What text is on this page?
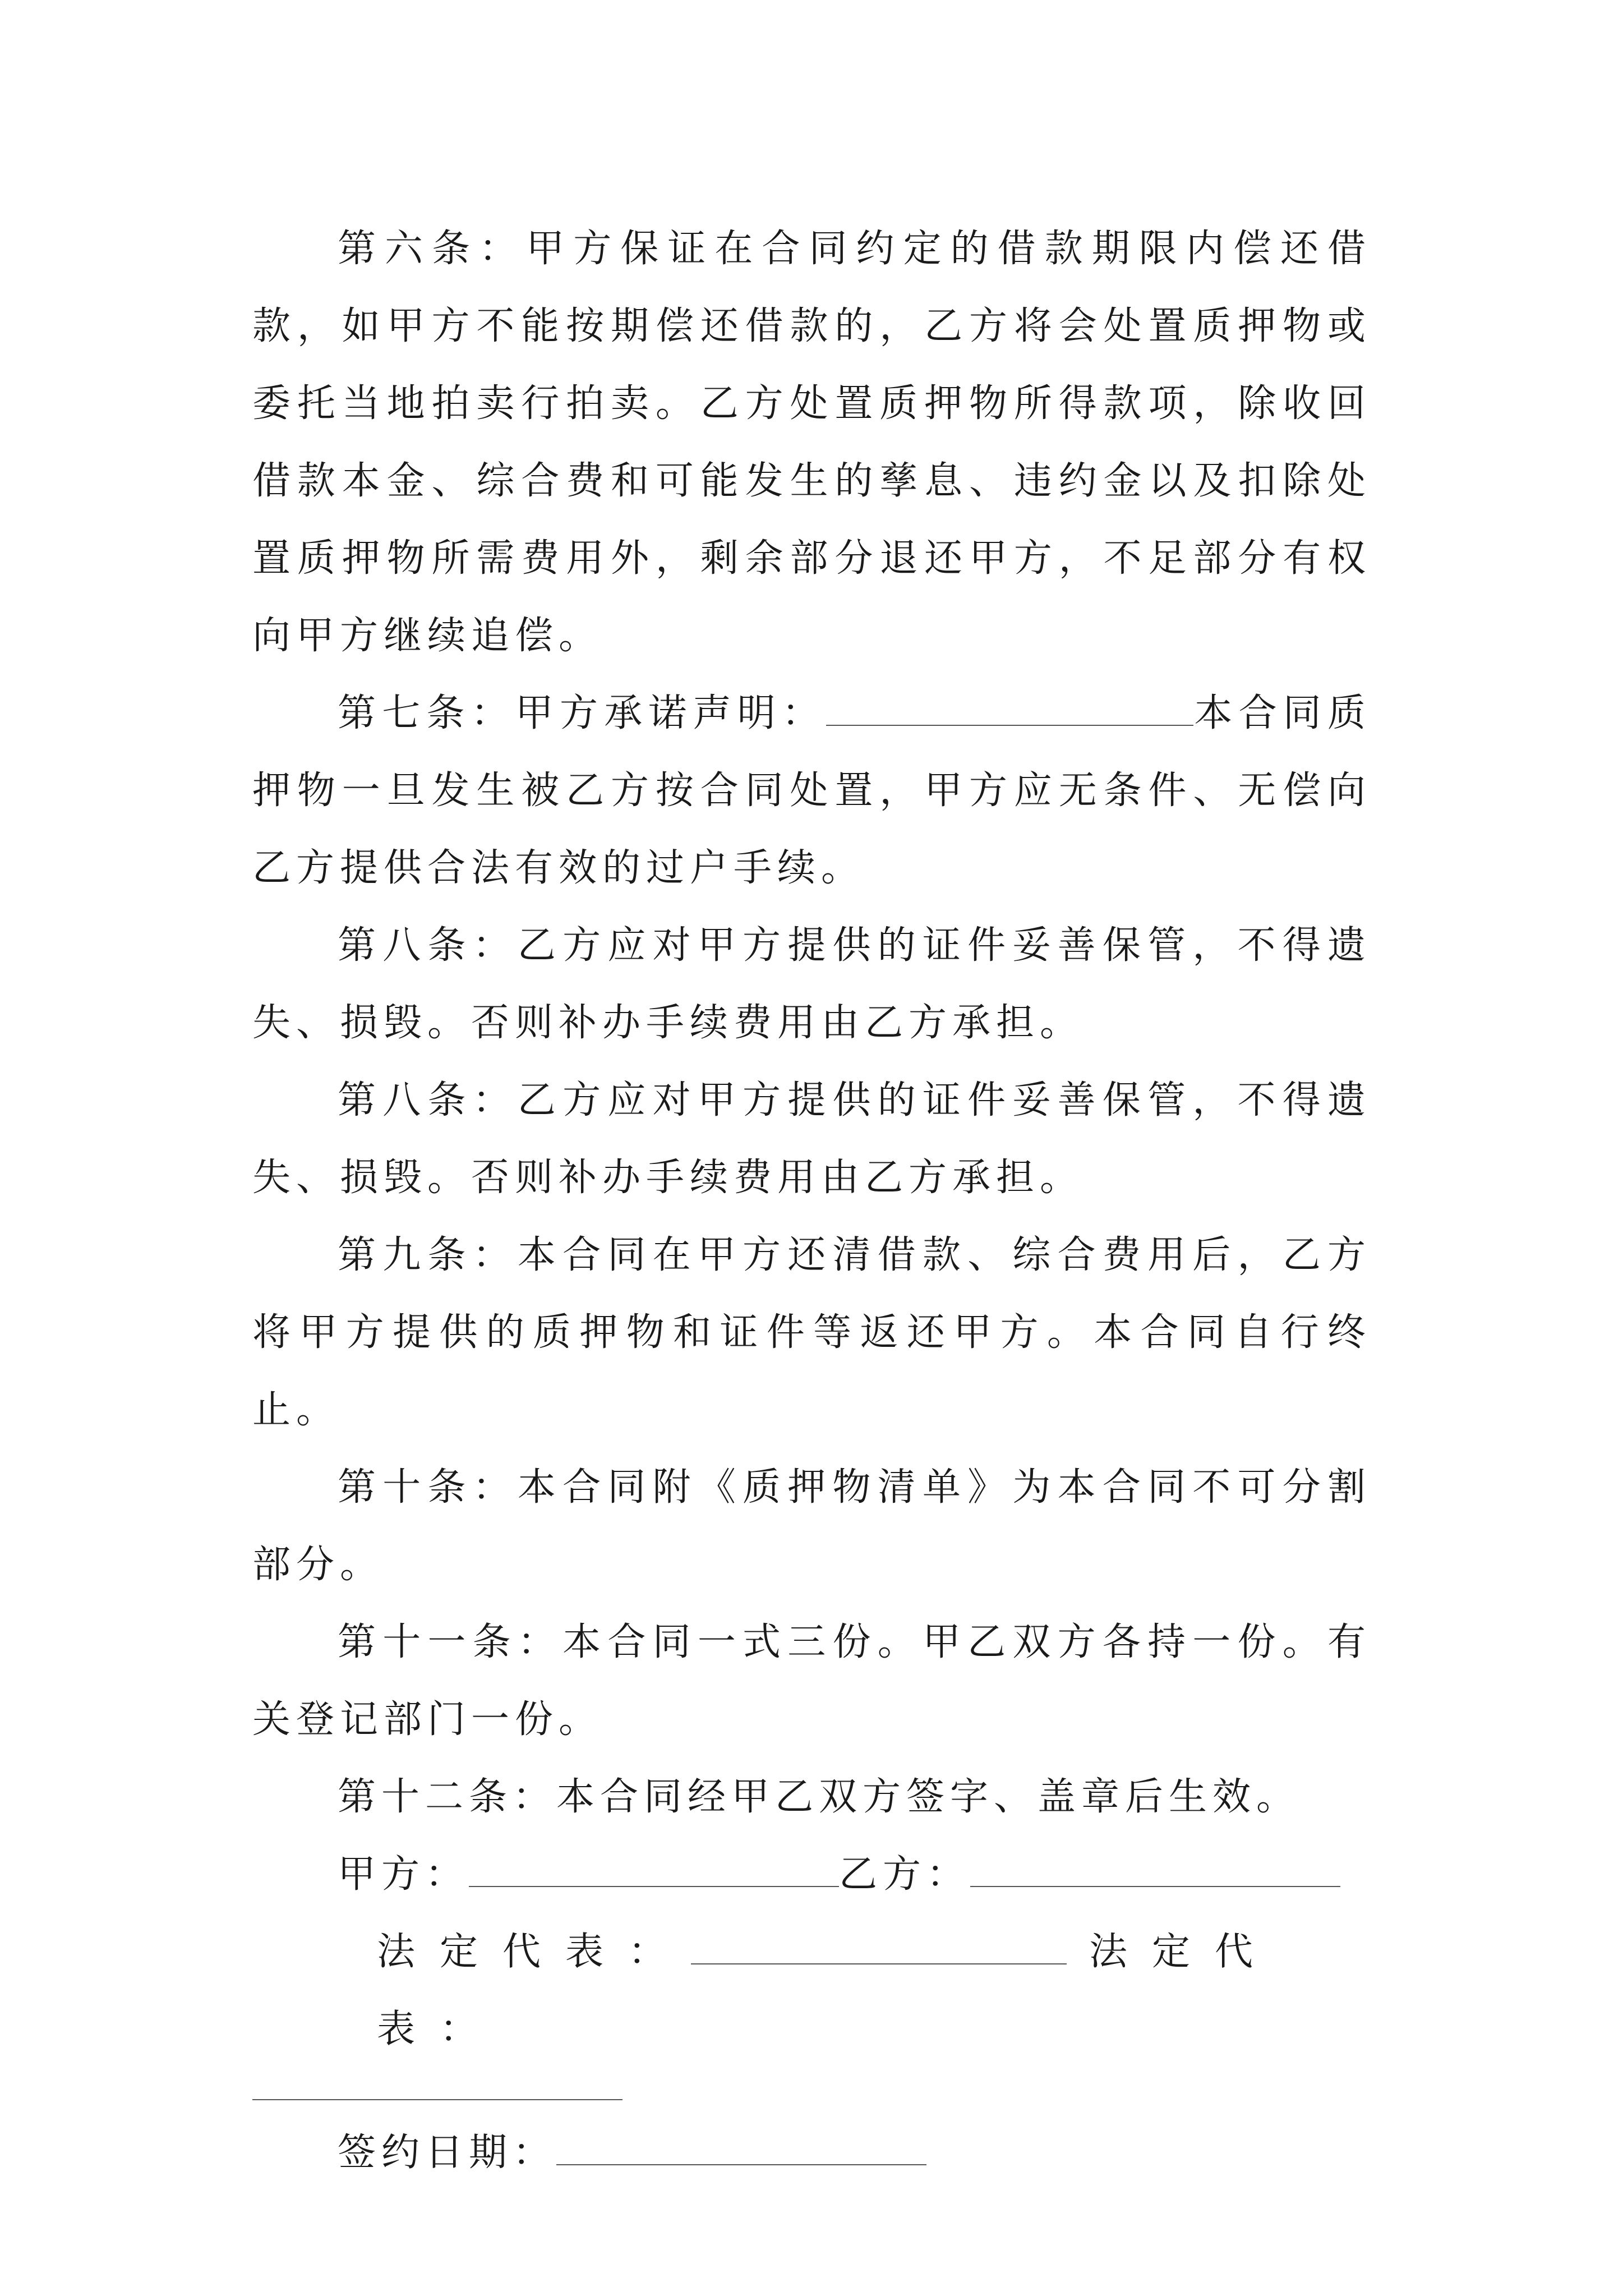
第六条：甲方保证在合同约定的借款期限内偿还借款，如甲方不能按期偿还借款的，乙方将会处置质押物或委托当地拍卖行拍卖。乙方处置质押物所得款项，除收回借款本金、综合费和可能发生的孳息、违约金以及扣除处置质押物所需费用外，剩余部分退还甲方，不足部分有权向甲方继续追偿。

第七条：甲方承诺声明：	本合同质押物一旦发生被乙方按合同处置，甲方应无条件、无偿向乙方提供合法有效的过户手续。

第八条：乙方应对甲方提供的证件妥善保管，不得遗失、损毁。否则补办手续费用由乙方承担。

第八条：乙方应对甲方提供的证件妥善保管，不得遗失、损毁。否则补办手续费用由乙方承担。

第九条：本合同在甲方还清借款、综合费用后，乙方将甲方提供的质押物和证件等返还甲方。本合同自行终止。

第十条：本合同附《质押物清单》为本合同不可分割部分。

第十一条：本合同一式三份。甲乙双方各持一份。有关登记部门一份。

第十二条：本合同经甲乙双方签字、盖章后生效。

甲方：	乙方：

法定代表：	法定代表：

签约日期：
